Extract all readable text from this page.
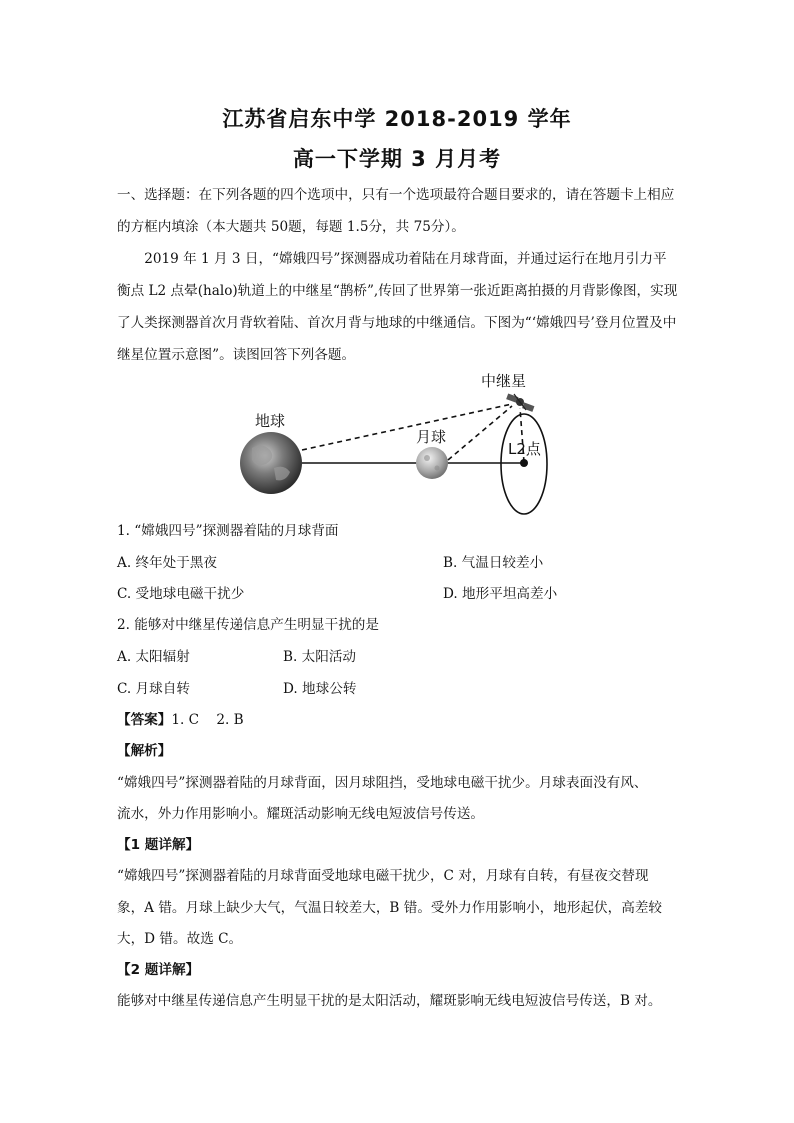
江苏省启东中学 2018-2019 学年
高一下学期 3 月月考
一、选择题：在下列各题的四个选项中，只有一个选项最符合题目要求的，请在答题卡上相应的方框内填涂（本大题共 50题，每题 1.5分，共 75分）。
2019 年 1 月 3 日，“嫦娥四号”探测器成功着陆在月球背面，并通过运行在地月引力平衡点 L2 点晕(halo)轨道上的中继星“鹊桥”,传回了世界第一张近距离拍摄的月背影像图，实现了人类探测器首次月背软着陆、首次月背与地球的中继通信。下图为“‘嫦娥四号’登月位置及中继星位置示意图”。读图回答下列各题。
中继星
地球
月球
L2点
1. “嫦娥四号”探测器着陆的月球背面
A. 终年处于黑夜	B. 气温日较差小
C. 受地球电磁干扰少	D. 地形平坦高差小
2. 能够对中继星传递信息产生明显干扰的是
A. 太阳辐射	B. 太阳活动
C. 月球自转	D. 地球公转
【答案】1. C    2. B
【解析】
“嫦娥四号”探测器着陆的月球背面，因月球阻挡，受地球电磁干扰少。月球表面没有风、
流水，外力作用影响小。耀斑活动影响无线电短波信号传送。
【1 题详解】
“嫦娥四号”探测器着陆的月球背面受地球电磁干扰少，C 对，月球有自转，有昼夜交替现
象，A 错。月球上缺少大气，气温日较差大，B 错。受外力作用影响小，地形起伏，高差较
大，D 错。故选 C。
【2 题详解】
能够对中继星传递信息产生明显干扰的是太阳活动，耀斑影响无线电短波信号传送，B 对。
